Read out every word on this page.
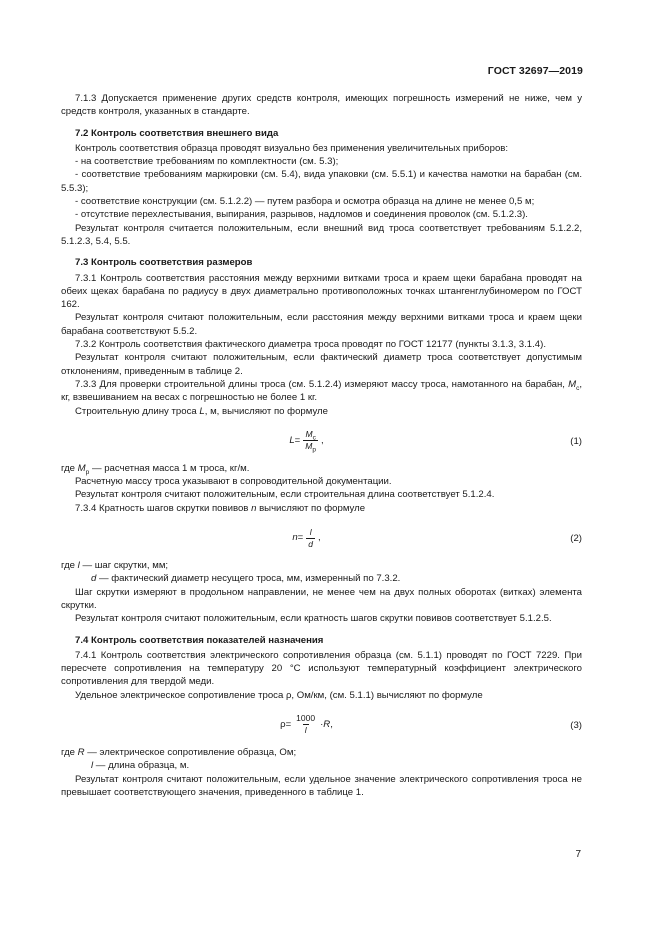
ГОСТ 32697—2019

7.1.3 Допускается применение других средств контроля, имеющих погрешность измерений не ниже, чем у средств контроля, указанных в стандарте.

7.2 Контроль соответствия внешнего вида

Контроль соответствия образца проводят визуально без применения увеличительных приборов:

- на соответствие требованиям по комплектности (см. 5.3);

- соответствие требованиям маркировки (см. 5.4), вида упаковки (см. 5.5.1) и качества намотки на барабан (см. 5.5.3);

- соответствие конструкции (см. 5.1.2.2) — путем разбора и осмотра образца на длине не менее 0,5 м;

- отсутствие перехлестывания, выпирания, разрывов, надломов и соединения проволок (см. 5.1.2.3).

Результат контроля считается положительным, если внешний вид троса соответствует требованиям 5.1.2.2, 5.1.2.3, 5.4, 5.5.

7.3 Контроль соответствия размеров

7.3.1 Контроль соответствия расстояния между верхними витками троса и краем щеки барабана проводят на обеих щеках барабана по радиусу в двух диаметрально противоположных точках штангенглубиномером по ГОСТ 162.

Результат контроля считают положительным, если расстояния между верхними витками троса и краем щеки барабана соответствуют 5.5.2.

7.3.2 Контроль соответствия фактического диаметра троса проводят по ГОСТ 12177 (пункты 3.1.3, 3.1.4).

Результат контроля считают положительным, если фактический диаметр троса соответствует допустимым отклонениям, приведенным в таблице 2.

7.3.3 Для проверки строительной длины троса (см. 5.1.2.4) измеряют массу троса, намотанного на барабан, $M_с$, кг, взвешиванием на весах с погрешностью не более 1 кг.

Строительную длину троса L, м, вычисляют по формуле

$L = \frac{M_с}{M_р}$ ,	(1)

где $M_р$ — расчетная масса 1 м троса, кг/м.

Расчетную массу троса указывают в сопроводительной документации.

Результат контроля считают положительным, если строительная длина соответствует 5.1.2.4.

7.3.4 Кратность шагов скрутки повивов n вычисляют по формуле

$n = \frac{l}{d}$ ,	(2)

где l — шаг скрутки, мм;

d — фактический диаметр несущего троса, мм, измеренный по 7.3.2.

Шаг скрутки измеряют в продольном направлении, не менее чем на двух полных оборотах (витках) элемента скрутки.

Результат контроля считают положительным, если кратность шагов скрутки повивов соответствует 5.1.2.5.

7.4 Контроль соответствия показателей назначения

7.4.1 Контроль соответствия электрического сопротивления образца (см. 5.1.1) проводят по ГОСТ 7229. При пересчете сопротивления на температуру 20 °С используют температурный коэффициент электрического сопротивления для твердой меди.

Удельное электрическое сопротивление троса ρ, Ом/км, (см. 5.1.1) вычисляют по формуле

$\rho = \frac{1000}{l} \cdot R$ ,	(3)

где R — электрическое сопротивление образца, Ом;

l — длина образца, м.

Результат контроля считают положительным, если удельное значение электрического сопротивления троса не превышает соответствующего значения, приведенного в таблице 1.

7
